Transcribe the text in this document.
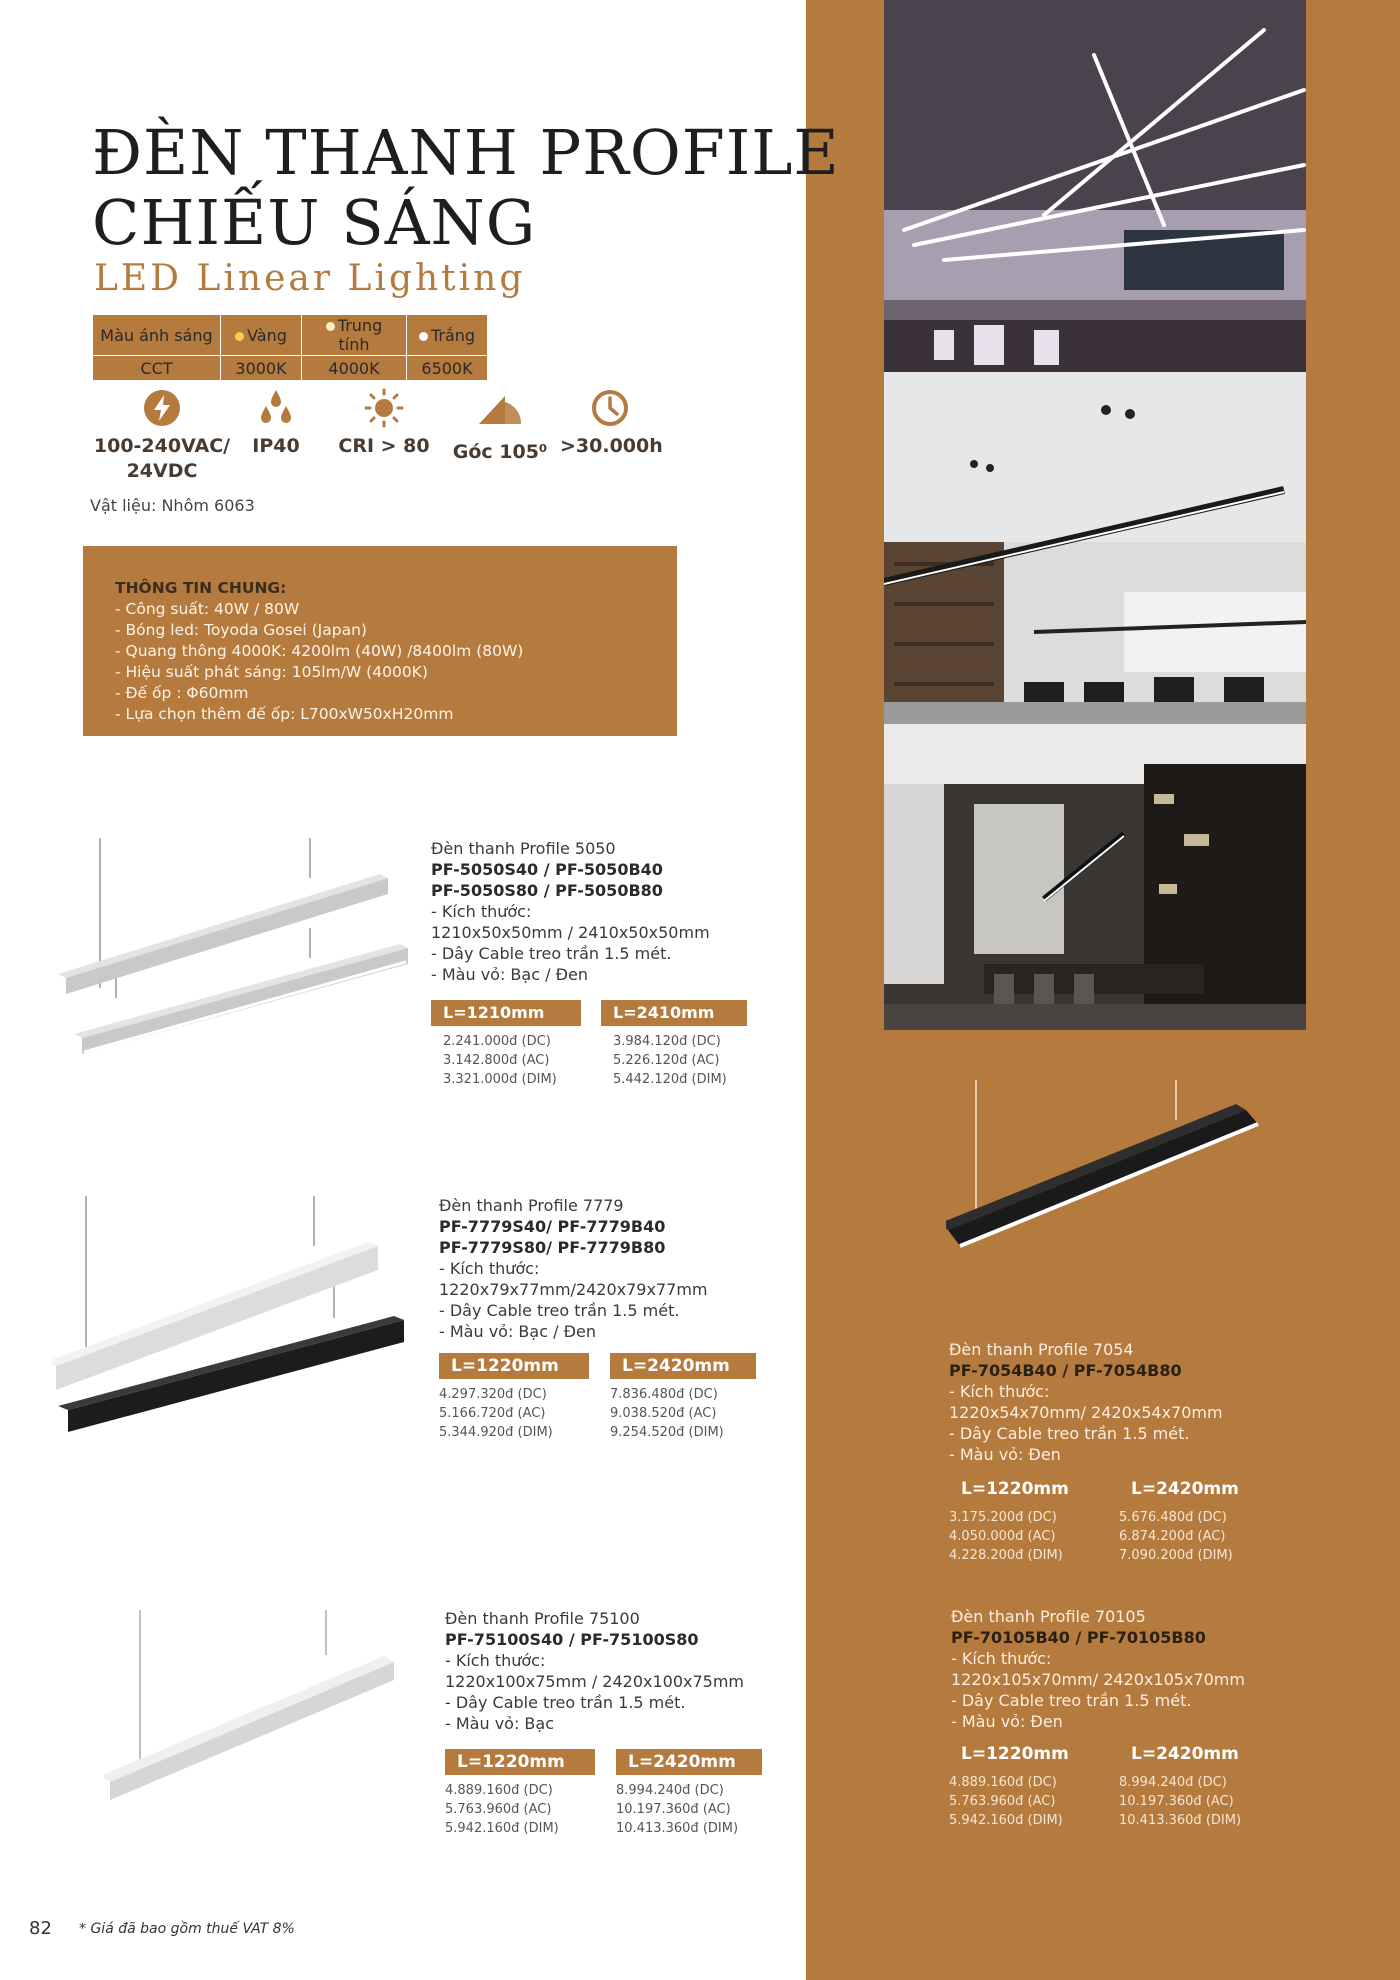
ĐÈN THANH PROFILE
CHIẾU SÁNG
LED Linear Lighting
Màu ánh sáng	Vàng	Trung tính	Trắng
CCT	3000K	4000K	6500K
100-240VAC/
24VDC
IP40	CRI > 80	Góc 105⁰ >30.000h
Vật liệu: Nhôm 6063
THÔNG TIN CHUNG:
- Công suất: 40W / 80W
- Bóng led: Toyoda Gosei (Japan)
- Quang thông 4000K: 4200lm (40W) /8400lm (80W)
- Hiệu suất phát sáng: 105lm/W (4000K)
- Đế ốp : Φ60mm
- Lựa chọn thêm đế ốp: L700xW50xH20mm
Đèn thanh Profile 5050
PF-5050S40 / PF-5050B40
PF-5050S80 / PF-5050B80
- Kích thước:
1210x50x50mm / 2410x50x50mm
- Dây Cable treo trần 1.5 mét.
- Màu vỏ: Bạc / Đen
L=1210mm
2.241.000đ (DC)
3.142.800đ (AC)
3.321.000đ (DIM)
L=2410mm
3.984.120đ (DC)
5.226.120đ (AC)
5.442.120đ (DIM)
Đèn thanh Profile 7779
PF-7779S40/ PF-7779B40
PF-7779S80/ PF-7779B80
- Kích thước:
1220x79x77mm/2420x79x77mm
- Dây Cable treo trần 1.5 mét.
- Màu vỏ: Bạc / Đen
L=1220mm
4.297.320đ (DC)
5.166.720đ (AC)
5.344.920đ (DIM)
L=2420mm
7.836.480đ (DC)
9.038.520đ (AC)
9.254.520đ (DIM)
Đèn thanh Profile 75100
PF-75100S40 / PF-75100S80
- Kích thước:
1220x100x75mm / 2420x100x75mm
- Dây Cable treo trần 1.5 mét.
- Màu vỏ: Bạc
L=1220mm
4.889.160đ (DC)
5.763.960đ (AC)
5.942.160đ (DIM)
L=2420mm
8.994.240đ (DC)
10.197.360đ (AC)
10.413.360đ (DIM)
Đèn thanh Profile 7054
PF-7054B40 / PF-7054B80
- Kích thước:
1220x54x70mm/ 2420x54x70mm
- Dây Cable treo trần 1.5 mét.
- Màu vỏ: Đen
L=1220mm
3.175.200đ (DC)
4.050.000đ (AC)
4.228.200đ (DIM)
L=2420mm
5.676.480đ (DC)
6.874.200đ (AC)
7.090.200đ (DIM)
Đèn thanh Profile 70105
PF-70105B40 / PF-70105B80
- Kích thước:
1220x105x70mm/ 2420x105x70mm
- Dây Cable treo trần 1.5 mét.
- Màu vỏ: Đen
L=1220mm
4.889.160đ (DC)
5.763.960đ (AC)
5.942.160đ (DIM)
L=2420mm
8.994.240đ (DC)
10.197.360đ (AC)
10.413.360đ (DIM)
82 * Giá đã bao gồm thuế VAT 8%
